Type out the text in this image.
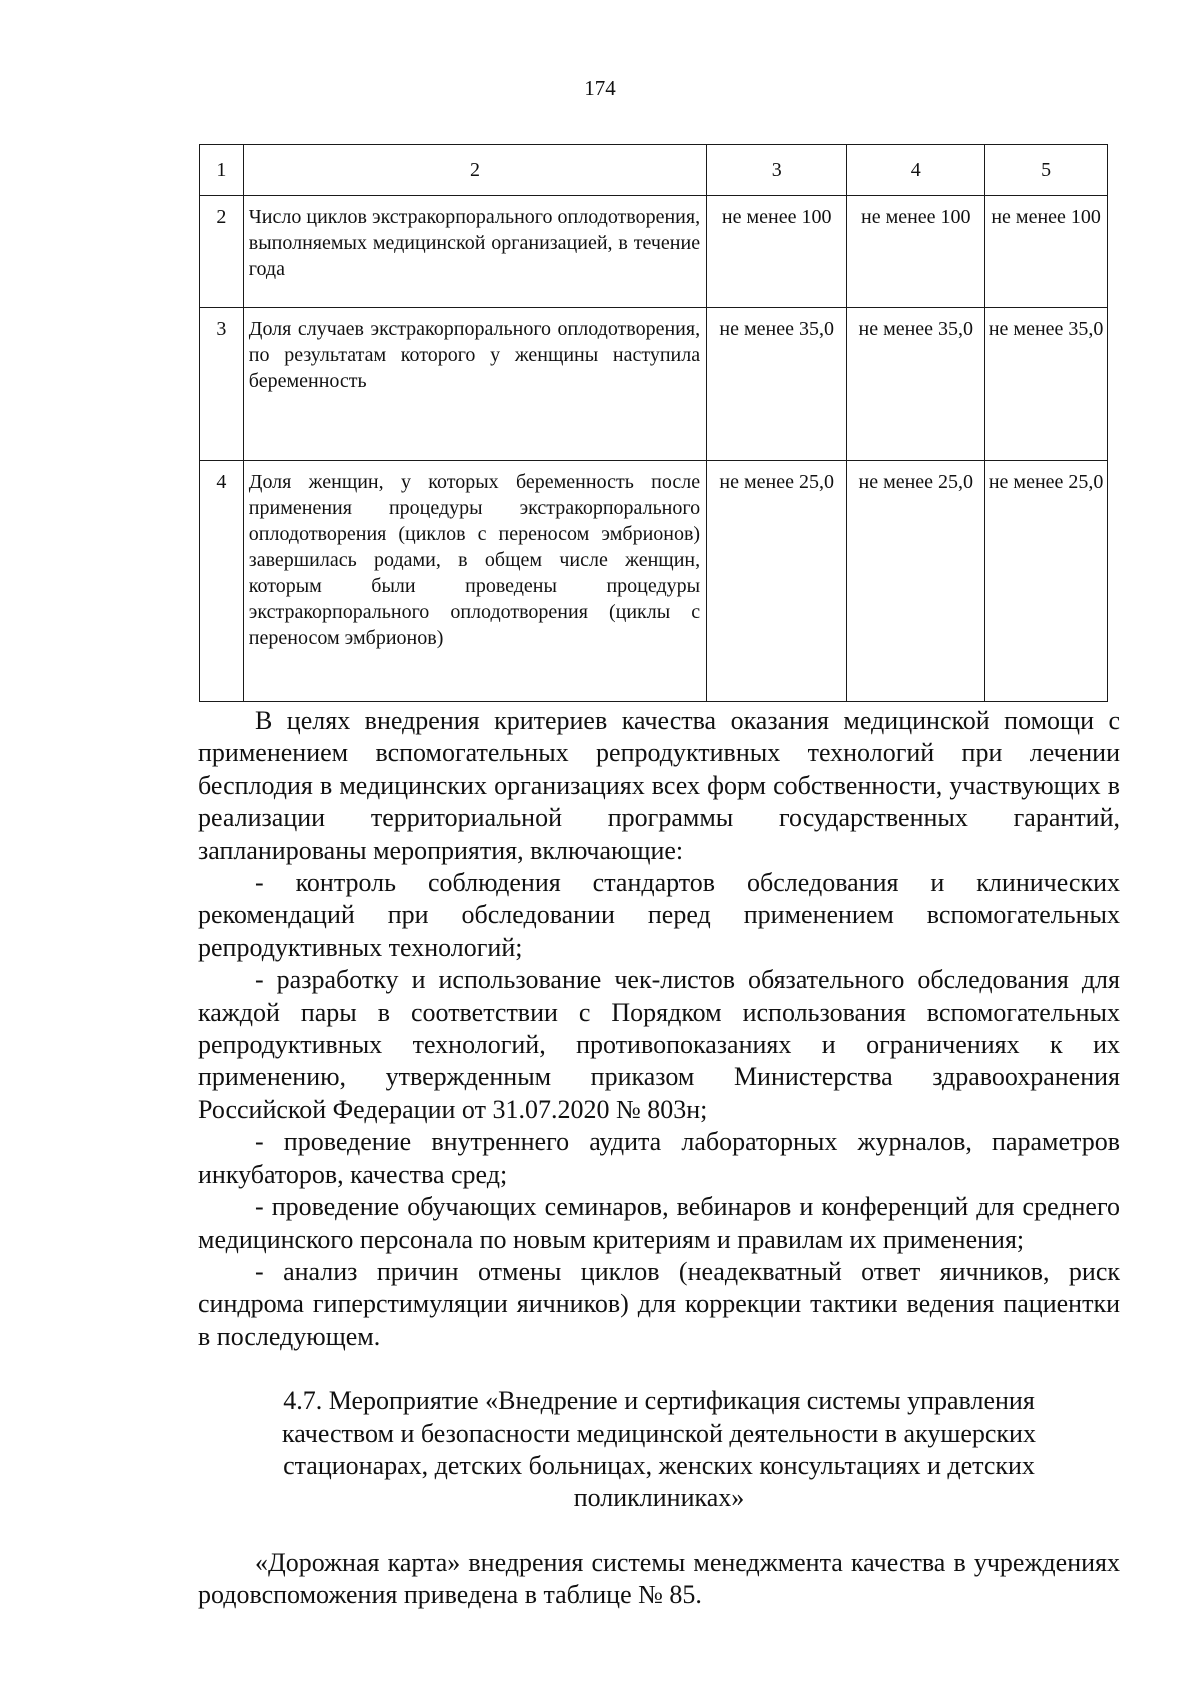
174
1	2	3	4	5
2	Число циклов экстракорпорального оплодотворения, выполняемых медицинской организацией, в течение года	не менее 100	не менее 100	не менее 100
3	Доля случаев экстракорпорального оплодотворения, по результатам которого у женщины наступила беременность	не менее 35,0	не менее 35,0	не менее 35,0
4	Доля женщин, у которых беременность после применения процедуры экстракорпорального оплодотворения (циклов с переносом эмбрионов) завершилась родами, в общем числе женщин, которым были проведены процедуры экстракорпорального оплодотворения (циклы с переносом эмбрионов)	не менее 25,0	не менее 25,0	не менее 25,0

В целях внедрения критериев качества оказания медицинской помощи с применением вспомогательных репродуктивных технологий при лечении бесплодия в медицинских организациях всех форм собственности, участвующих в реализации территориальной программы государственных гарантий, запланированы мероприятия, включающие:

- контроль соблюдения стандартов обследования и клинических рекомендаций при обследовании перед применением вспомогательных репродуктивных технологий;

- разработку и использование чек-листов обязательного обследования для каждой пары в соответствии с Порядком использования вспомогательных репродуктивных технологий, противопоказаниях и ограничениях к их применению, утвержденным приказом Министерства здравоохранения Российской Федерации от 31.07.2020 № 803н;

- проведение внутреннего аудита лабораторных журналов, параметров инкубаторов, качества сред;

- проведение обучающих семинаров, вебинаров и конференций для среднего медицинского персонала по новым критериям и правилам их применения;

- анализ причин отмены циклов (неадекватный ответ яичников, риск синдрома гиперстимуляции яичников) для коррекции тактики ведения пациентки в последующем.

4.7. Мероприятие «Внедрение и сертификация системы управления качеством и безопасности медицинской деятельности в акушерских стационарах, детских больницах, женских консультациях и детских поликлиниках»

«Дорожная карта» внедрения системы менеджмента качества в учреждениях родовспоможения приведена в таблице № 85.
